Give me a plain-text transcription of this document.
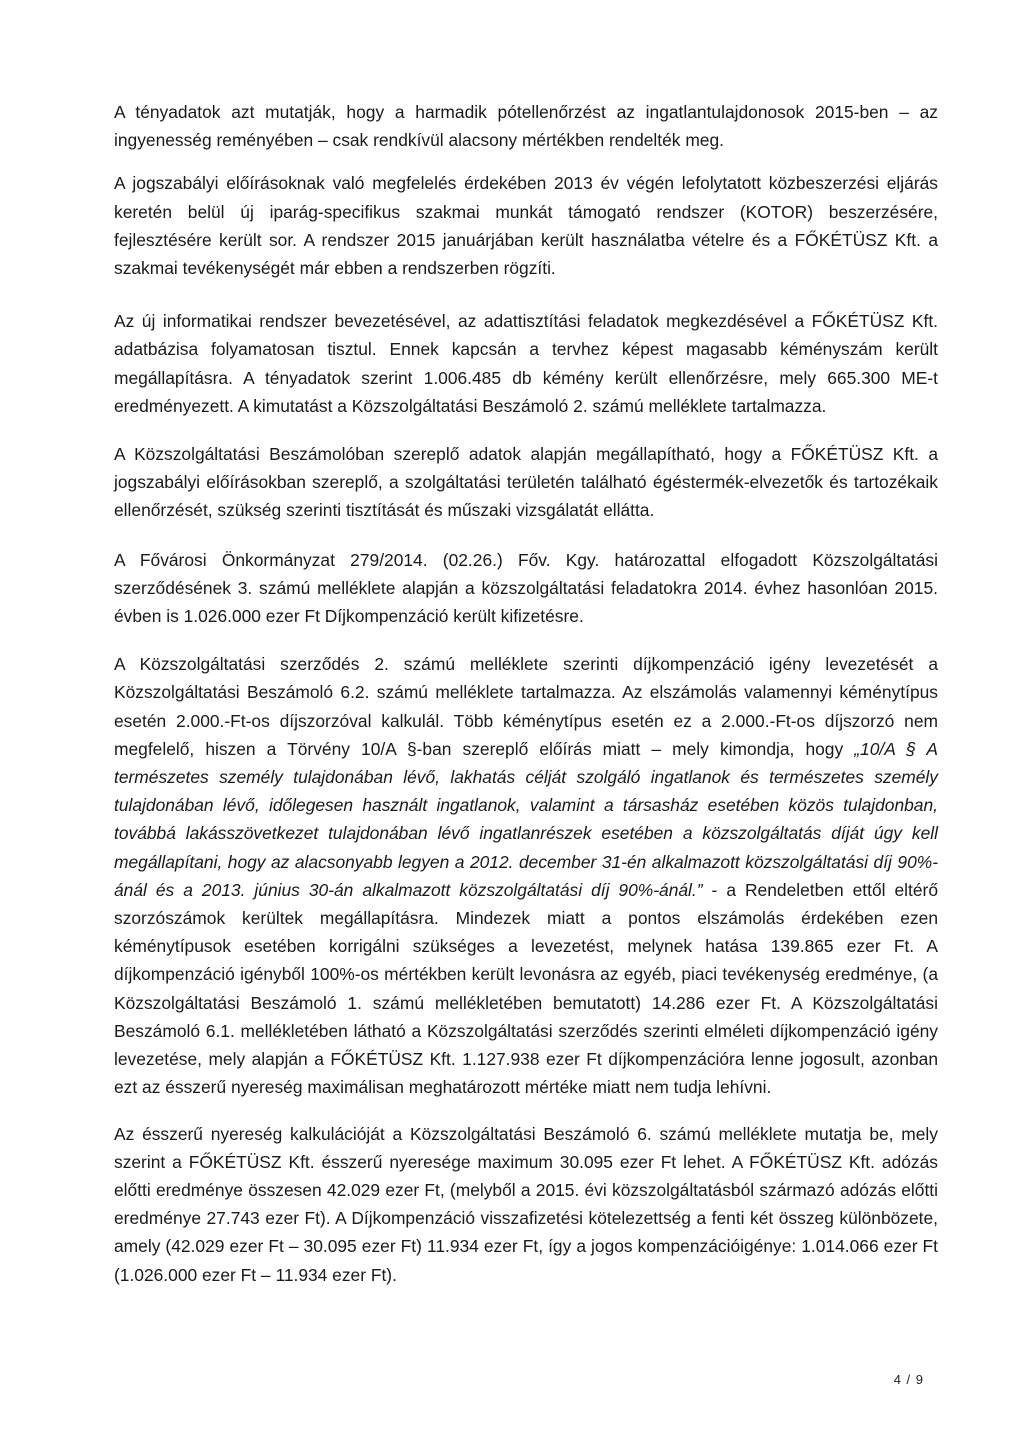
A tényadatok azt mutatják, hogy a harmadik pótellenőrzést az ingatlantulajdonosok 2015-ben – az ingyenesség reményében – csak rendkívül alacsony mértékben rendelték meg.

A jogszabályi előírásoknak való megfelelés érdekében 2013 év végén lefolytatott közbeszerzési eljárás keretén belül új iparág-specifikus szakmai munkát támogató rendszer (KOTOR) beszerzésére, fejlesztésére került sor. A rendszer 2015 januárjában került használatba vételre és a FŐKÉTÜSZ Kft. a szakmai tevékenységét már ebben a rendszerben rögzíti.

Az új informatikai rendszer bevezetésével, az adattisztítási feladatok megkezdésével a FŐKÉTÜSZ Kft. adatbázisa folyamatosan tisztul. Ennek kapcsán a tervhez képest magasabb kéményszám került megállapításra. A tényadatok szerint 1.006.485 db kémény került ellenőrzésre, mely 665.300 ME-t eredményezett. A kimutatást a Közszolgáltatási Beszámoló 2. számú melléklete tartalmazza.

A Közszolgáltatási Beszámolóban szereplő adatok alapján megállapítható, hogy a FŐKÉTÜSZ Kft. a jogszabályi előírásokban szereplő, a szolgáltatási területén található égéstermék-elvezetők és tartozékaik ellenőrzését, szükség szerinti tisztítását és műszaki vizsgálatát ellátta.

A Fővárosi Önkormányzat 279/2014. (02.26.) Főv. Kgy. határozattal elfogadott Közszolgáltatási szerződésének 3. számú melléklete alapján a közszolgáltatási feladatokra 2014. évhez hasonlóan 2015. évben is 1.026.000 ezer Ft Díjkompenzáció került kifizetésre.

A Közszolgáltatási szerződés 2. számú melléklete szerinti díjkompenzáció igény levezetését a Közszolgáltatási Beszámoló 6.2. számú melléklete tartalmazza. Az elszámolás valamennyi kéménytípus esetén 2.000.-Ft-os díjszorzóval kalkulál. Több kéménytípus esetén ez a 2.000.-Ft-os díjszorzó nem megfelelő, hiszen a Törvény 10/A §-ban szereplő előírás miatt – mely kimondja, hogy „10/A § A természetes személy tulajdonában lévő, lakhatás célját szolgáló ingatlanok és természetes személy tulajdonában lévő, időlegesen használt ingatlanok, valamint a társasház esetében közös tulajdonban, továbbá lakásszövetkezet tulajdonában lévő ingatlanrészek esetében a közszolgáltatás díját úgy kell megállapítani, hogy az alacsonyabb legyen a 2012. december 31-én alkalmazott közszolgáltatási díj 90%-ánál és a 2013. június 30-án alkalmazott közszolgáltatási díj 90%-ánál.” - a Rendeletben ettől eltérő szorzószámok kerültek megállapításra. Mindezek miatt a pontos elszámolás érdekében ezen kéménytípusok esetében korrigálni szükséges a levezetést, melynek hatása 139.865 ezer Ft. A díjkompenzáció igényből 100%-os mértékben került levonásra az egyéb, piaci tevékenység eredménye, (a Közszolgáltatási Beszámoló 1. számú mellékletében bemutatott) 14.286 ezer Ft. A Közszolgáltatási Beszámoló 6.1. mellékletében látható a Közszolgáltatási szerződés szerinti elméleti díjkompenzáció igény levezetése, mely alapján a FŐKÉTÜSZ Kft. 1.127.938 ezer Ft díjkompenzációra lenne jogosult, azonban ezt az ésszerű nyereség maximálisan meghatározott mértéke miatt nem tudja lehívni.

Az ésszerű nyereség kalkulációját a Közszolgáltatási Beszámoló 6. számú melléklete mutatja be, mely szerint a FŐKÉTÜSZ Kft. ésszerű nyeresége maximum 30.095 ezer Ft lehet. A FŐKÉTÜSZ Kft. adózás előtti eredménye összesen 42.029 ezer Ft, (melyből a 2015. évi közszolgáltatásból származó adózás előtti eredménye 27.743 ezer Ft). A Díjkompenzáció visszafizetési kötelezettség a fenti két összeg különbözete, amely (42.029 ezer Ft – 30.095 ezer Ft) 11.934 ezer Ft, így a jogos kompenzációigénye: 1.014.066 ezer Ft (1.026.000 ezer Ft – 11.934 ezer Ft).

4 / 9
